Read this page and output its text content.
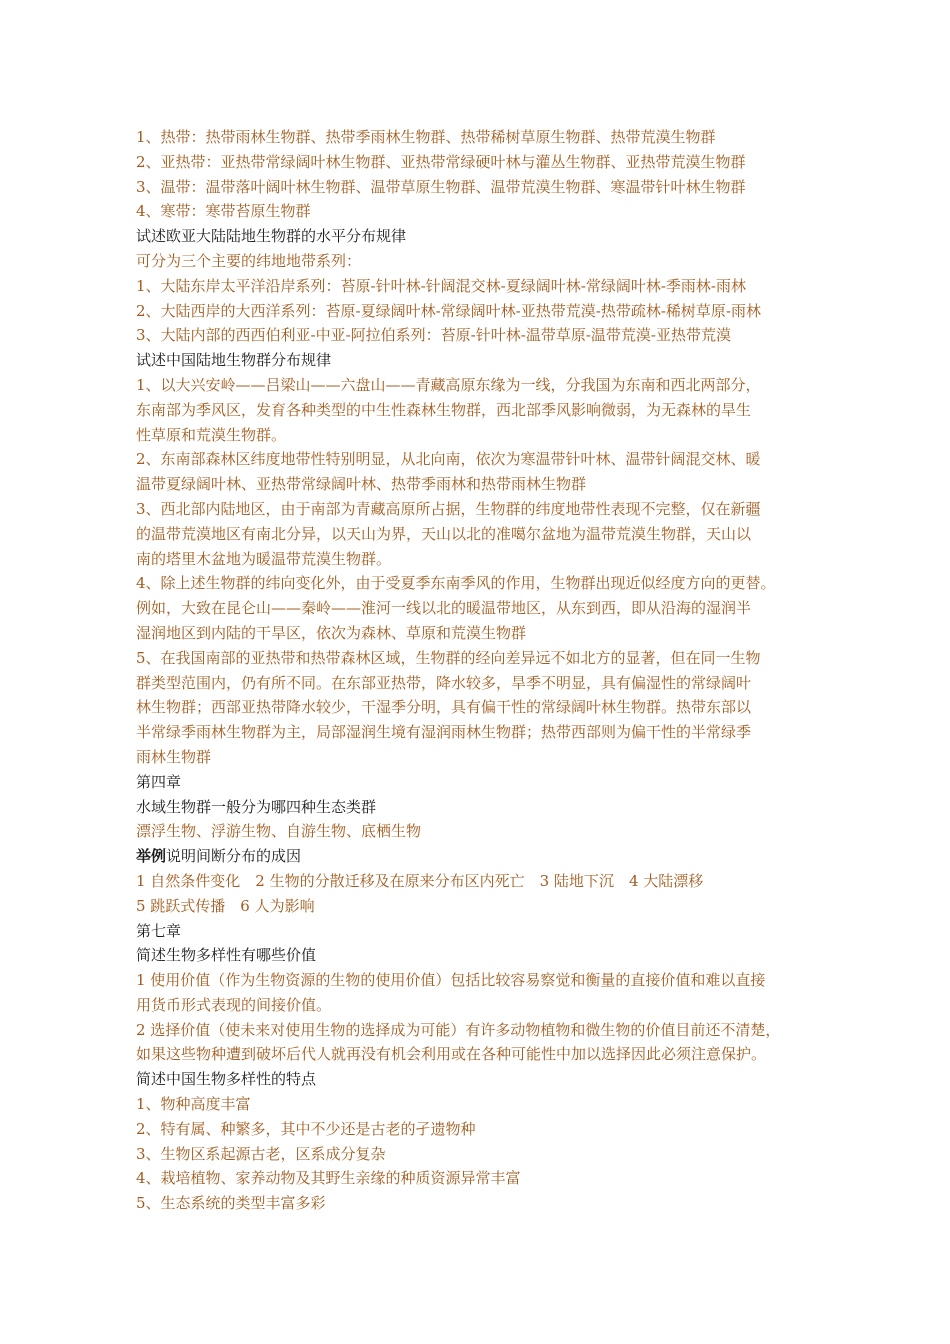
1、热带：热带雨林生物群、热带季雨林生物群、热带稀树草原生物群、热带荒漠生物群
2、亚热带：亚热带常绿阔叶林生物群、亚热带常绿硬叶林与灌丛生物群、亚热带荒漠生物群
3、温带：温带落叶阔叶林生物群、温带草原生物群、温带荒漠生物群、寒温带针叶林生物群
4、寒带：寒带苔原生物群
试述欧亚大陆陆地生物群的水平分布规律
可分为三个主要的纬地地带系列：
1、大陆东岸太平洋沿岸系列：苔原-针叶林-针阔混交林-夏绿阔叶林-常绿阔叶林-季雨林-雨林
2、大陆西岸的大西洋系列：苔原-夏绿阔叶林-常绿阔叶林-亚热带荒漠-热带疏林-稀树草原-雨林
3、大陆内部的西西伯利亚-中亚-阿拉伯系列：苔原-针叶林-温带草原-温带荒漠-亚热带荒漠
试述中国陆地生物群分布规律
1、以大兴安岭——吕梁山——六盘山——青藏高原东缘为一线，分我国为东南和西北两部分，
东南部为季风区，发育各种类型的中生性森林生物群，西北部季风影响微弱，为无森林的旱生
性草原和荒漠生物群。
2、东南部森林区纬度地带性特别明显，从北向南，依次为寒温带针叶林、温带针阔混交林、暖
温带夏绿阔叶林、亚热带常绿阔叶林、热带季雨林和热带雨林生物群
3、西北部内陆地区，由于南部为青藏高原所占据，生物群的纬度地带性表现不完整，仅在新疆
的温带荒漠地区有南北分异，以天山为界，天山以北的准噶尔盆地为温带荒漠生物群，天山以
南的塔里木盆地为暖温带荒漠生物群。
4、除上述生物群的纬向变化外，由于受夏季东南季风的作用，生物群出现近似经度方向的更替。
例如，大致在昆仑山——秦岭——淮河一线以北的暖温带地区，从东到西，即从沿海的湿润半
湿润地区到内陆的干旱区，依次为森林、草原和荒漠生物群
5、在我国南部的亚热带和热带森林区域，生物群的经向差异远不如北方的显著，但在同一生物
群类型范围内，仍有所不同。在东部亚热带，降水较多，旱季不明显，具有偏湿性的常绿阔叶
林生物群；西部亚热带降水较少，干湿季分明，具有偏干性的常绿阔叶林生物群。热带东部以
半常绿季雨林生物群为主，局部湿润生境有湿润雨林生物群；热带西部则为偏干性的半常绿季
雨林生物群
第四章
水域生物群一般分为哪四种生态类群
漂浮生物、浮游生物、自游生物、底栖生物
举例说明间断分布的成因
1 自然条件变化　2 生物的分散迁移及在原来分布区内死亡　3 陆地下沉　4 大陆漂移
5 跳跃式传播　6 人为影响
第七章
简述生物多样性有哪些价值
1 使用价值（作为生物资源的生物的使用价值）包括比较容易察觉和衡量的直接价值和难以直接
用货币形式表现的间接价值。
2 选择价值（使未来对使用生物的选择成为可能）有许多动物植物和微生物的价值目前还不清楚，
如果这些物种遭到破坏后代人就再没有机会利用或在各种可能性中加以选择因此必须注意保护。
简述中国生物多样性的特点
1、物种高度丰富
2、特有属、种繁多，其中不少还是古老的孑遗物种
3、生物区系起源古老，区系成分复杂
4、栽培植物、家养动物及其野生亲缘的种质资源异常丰富
5、生态系统的类型丰富多彩
